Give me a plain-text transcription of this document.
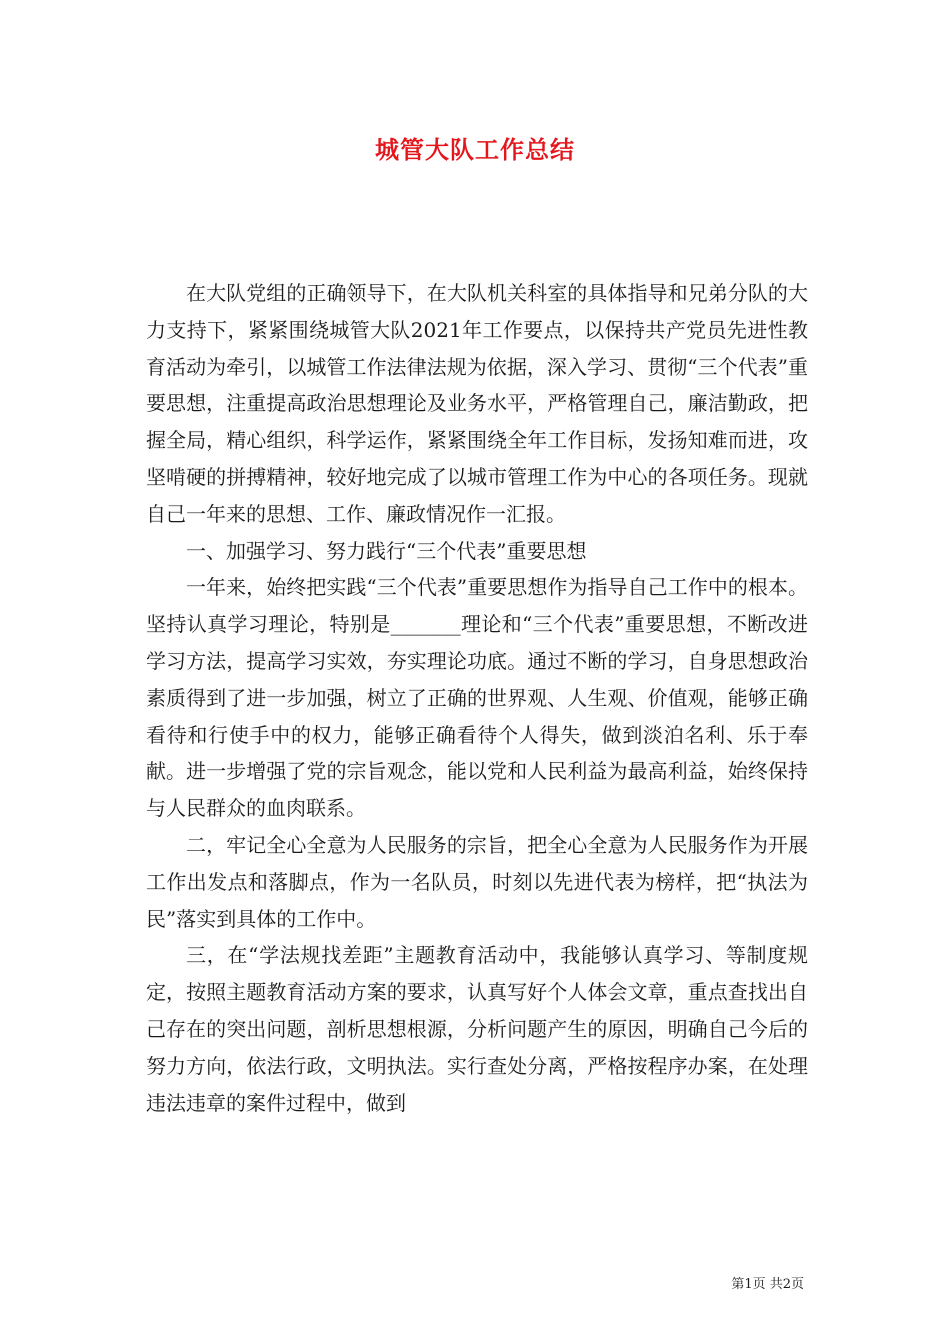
城管大队工作总结

在大队党组的正确领导下，在大队机关科室的具体指导和兄弟分队的大力支持下，紧紧围绕城管大队2021年工作要点，以保持共产党员先进性教育活动为牵引，以城管工作法律法规为依据，深入学习、贯彻“三个代表”重要思想，注重提高政治思想理论及业务水平，严格管理自己，廉洁勤政，把握全局，精心组织，科学运作，紧紧围绕全年工作目标，发扬知难而进，攻坚啃硬的拼搏精神，较好地完成了以城市管理工作为中心的各项任务。现就自己一年来的思想、工作、廉政情况作一汇报。

一、加强学习、努力践行“三个代表”重要思想

一年来，始终把实践“三个代表”重要思想作为指导自己工作中的根本。坚持认真学习理论，特别是_______理论和“三个代表”重要思想，不断改进学习方法，提高学习实效，夯实理论功底。通过不断的学习，自身思想政治素质得到了进一步加强，树立了正确的世界观、人生观、价值观，能够正确看待和行使手中的权力，能够正确看待个人得失，做到淡泊名利、乐于奉献。进一步增强了党的宗旨观念，能以党和人民利益为最高利益，始终保持与人民群众的血肉联系。

二，牢记全心全意为人民服务的宗旨，把全心全意为人民服务作为开展工作出发点和落脚点，作为一名队员，时刻以先进代表为榜样，把“执法为民”落实到具体的工作中。

三，在“学法规找差距”主题教育活动中，我能够认真学习、等制度规定，按照主题教育活动方案的要求，认真写好个人体会文章，重点查找出自己存在的突出问题，剖析思想根源，分析问题产生的原因，明确自己今后的努力方向，依法行政，文明执法。实行查处分离，严格按程序办案，在处理违法违章的案件过程中，做到

第1页 共2页
